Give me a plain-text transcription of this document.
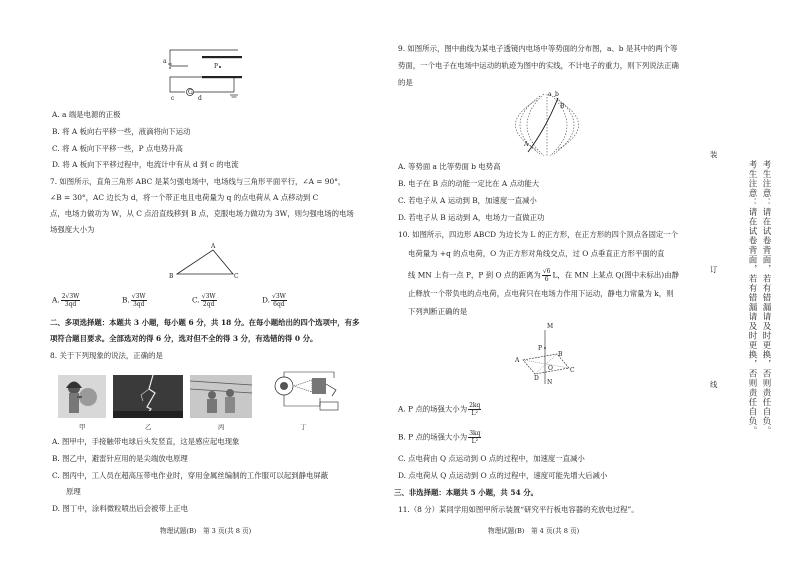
P
a
c	d
G
A. a 端是电源的正极
B. 将 A 板向右平移一些，液滴将向下运动
C. 将 A 板向下平移一些，P 点电势升高
D. 将 A 板向下平移过程中，电流计中有从 d 到 c 的电流
7. 如图所示，直角三角形 ABC 是某匀强电场中，电场线与三角形平面平行，∠A = 90°，
∠B = 30°，AC 边长为 d，将一个带正电且电荷量为 q 的点电荷从 A 点移动到 C
点，电场力做功为 W，从 C 点沿直线移到 B 点，克服电场力做功为 3W，则匀强电场的电场
场强度大小为
A
B	C
A. $\frac{2√3W}{3qd}$	B. $\frac{√3W}{3qd}$	C. $\frac{√3W}{2qd}$	D. $\frac{√3W}{6qd}$
二、多项选择题：本题共 3 小题，每小题 6 分，共 18 分。在每小题给出的四个选项中，有多
项符合题目要求。全部选对的得 6 分，选对但不全的得 3 分，有选错的得 0 分。
8. 关于下列现象的说法，正确的是
甲	乙	丙	丁
A. 图甲中，手接触带电球后头发竖直，这是感应起电现象
B. 图乙中，避雷针应用的是尖端放电原理
C. 图丙中，工人员在超高压带电作业时，穿用金属丝编制的工作服可以起到静电屏蔽
原理
D. 图丁中，涂料微粒喷出后会被带上正电
物理试题(B)　第 3 页(共 8 页)
9. 如图所示，图中曲线为某电子透镜内电场中等势面的分布图，a、b 是其中的两个等
势面，一个电子在电场中运动的轨迹为图中的实线，不计电子的重力，则下列说法正确
的是
a b
A
B
A. 等势面 a 比等势面 b 电势高
B. 电子在 B 点的动能一定比在 A 点动能大
C. 若电子从 A 运动到 B，加速度一直减小
D. 若电子从 B 运动到 A，电场力一直做正功
10. 如图所示，四边形 ABCD 为边长为 L 的正方形，在正方形的四个顶点各固定一个
电荷量为 +q 的点电荷，O 为正方形对角线交点，过 O 点垂直正方形平面的直
线 MN 上有一点 P，P 到 O 点的距离为 $\frac{√6}{6}$ L，在 MN 上某点 Q(图中未标出)由静
止释放一个带负电的点电荷，点电荷只在电场力作用下运动，静电力常量为 k，则
下列判断正确的是
M
N
P
O
A
B
C
D
A. P 点的场强大小为 $\frac{2kq}{\text{L²}}$
B. P 点的场强大小为 $\frac{3kq}{\text{L²}}$
C. 点电荷由 Q 点运动到 O 点的过程中，加速度一直减小
D. 点电荷从 Q 点运动到 O 点的过程中，速度可能先增大后减小
三、非选择题：本题共 5 小题，共 54 分。
11.（8 分）某同学用如图甲所示装置“研究平行板电容器的充放电过程”。
物理试题(B)　第 4 页(共 8 页)
装
订
线	考生注意：请在试卷背面，若有错漏请及时更换，否则责任自负。
考生注意：请在试卷背面，若有错漏请及时更换，否则责任自负。
